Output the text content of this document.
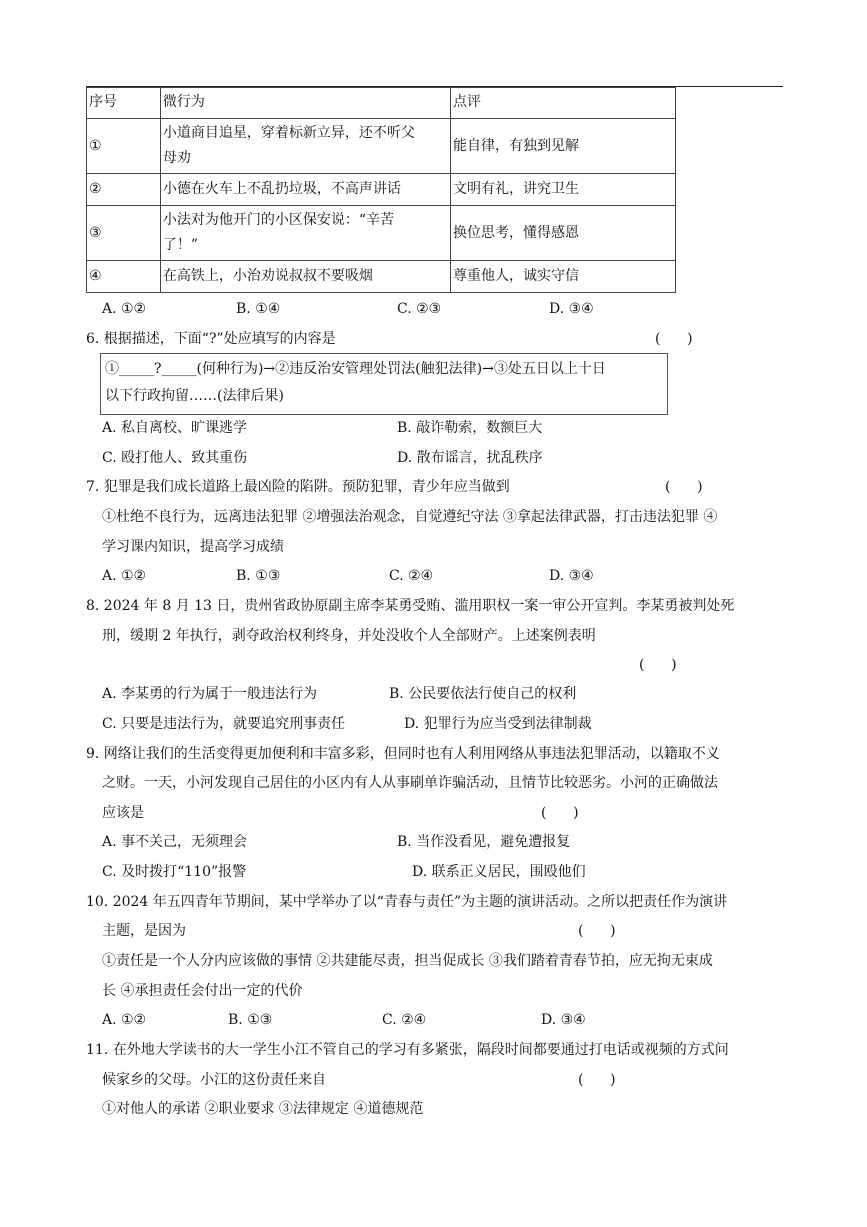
序号	微行为	点评
①	小道商目追星，穿着标新立异，还不听父
母劝	能自律，有独到见解
②	小德在火车上不乱扔垃圾，不高声讲话	文明有礼，讲究卫生
③	小法对为他开门的小区保安说：“辛苦
了！”	换位思考，懂得感恩
④	在高铁上，小治劝说叔叔不要吸烟	尊重他人，诚实守信
A. ①②	B. ①④	C. ②③	D. ③④
6. 根据描述，下面“?”处应填写的内容是	(      )
①_____?_____(何种行为)→②违反治安管理处罚法(触犯法律)→③处五日以上十日
以下行政拘留……(法律后果)
A. 私自离校、旷课逃学	B. 敲诈勒索，数额巨大
C. 殴打他人、致其重伤	D. 散布谣言，扰乱秩序
7. 犯罪是我们成长道路上最凶险的陷阱。预防犯罪，青少年应当做到	(      )
①杜绝不良行为，远离违法犯罪 ②增强法治观念，自觉遵纪守法 ③拿起法律武器，打击违法犯罪 ④
学习课内知识，提高学习成绩
A. ①②	B. ①③	C. ②④	D. ③④
8. 2024 年 8 月 13 日，贵州省政协原副主席李某勇受贿、滥用职权一案一审公开宣判。李某勇被判处死
刑，缓期 2 年执行，剥夺政治权利终身，并处没收个人全部财产。上述案例表明
(      )
A. 李某勇的行为属于一般违法行为	B. 公民要依法行使自己的权利
C. 只要是违法行为，就要追究刑事责任	D. 犯罪行为应当受到法律制裁
9. 网络让我们的生活变得更加便利和丰富多彩，但同时也有人利用网络从事违法犯罪活动，以籍取不义
之财。一天，小河发现自己居住的小区内有人从事刷单诈骗活动，且情节比较恶劣。小河的正确做法
应该是	(      )
A. 事不关己，无须理会	B. 当作没看见，避免遭报复
C. 及时拨打“110”报警	D. 联系正义居民，围殴他们
10. 2024 年五四青年节期间，某中学举办了以“青春与责任”为主题的演讲活动。之所以把责任作为演讲
主题，是因为	(      )
①责任是一个人分内应该做的事情 ②共建能尽责，担当促成长 ③我们踏着青春节拍，应无拘无束成
长 ④承担责任会付出一定的代价
A. ①②	B. ①③	C. ②④	D. ③④
11. 在外地大学读书的大一学生小江不管自己的学习有多紧张，隔段时间都要通过打电话或视频的方式问
候家乡的父母。小江的这份责任来自	(      )
①对他人的承诺 ②职业要求 ③法律规定 ④道德规范
